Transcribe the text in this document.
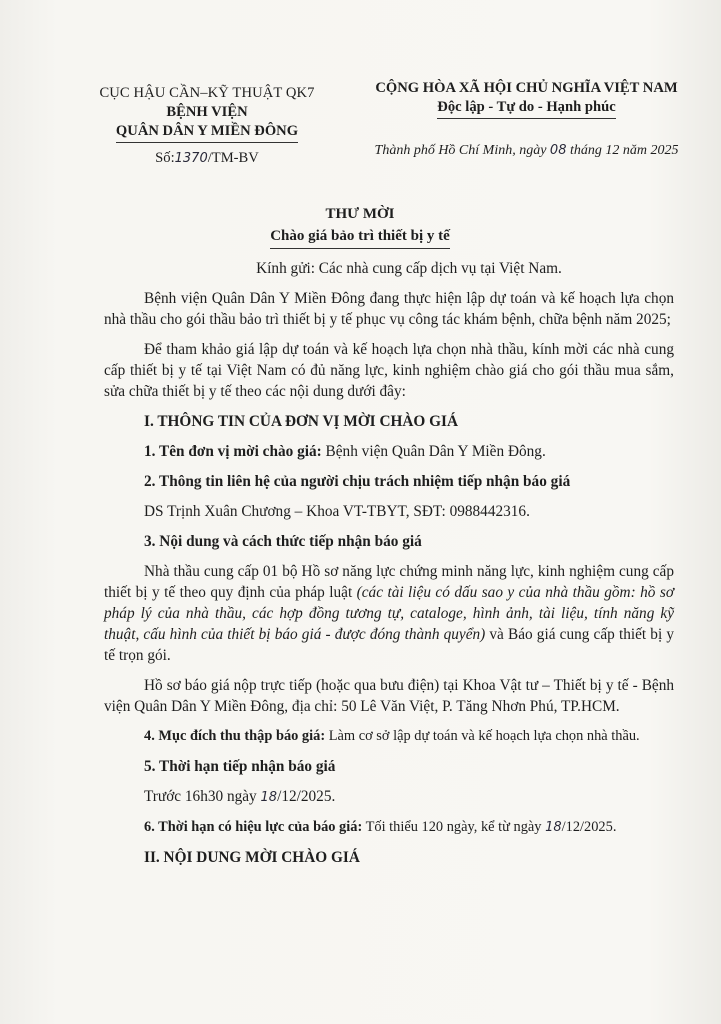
CỤC HẬU CẦN–KỸ THUẬT QK7
BỆNH VIỆN
QUÂN DÂN Y MIỀN ĐÔNG
Số:1370/TM-BV
CỘNG HÒA XÃ HỘI CHỦ NGHĨA VIỆT NAM
Độc lập - Tự do - Hạnh phúc
Thành phố Hồ Chí Minh, ngày 08 tháng 12 năm 2025
THƯ MỜI
Chào giá bảo trì thiết bị y tế

Kính gửi: Các nhà cung cấp dịch vụ tại Việt Nam.

Bệnh viện Quân Dân Y Miền Đông đang thực hiện lập dự toán và kế hoạch lựa chọn nhà thầu cho gói thầu bảo trì thiết bị y tế phục vụ công tác khám bệnh, chữa bệnh năm 2025;

Để tham khảo giá lập dự toán và kế hoạch lựa chọn nhà thầu, kính mời các nhà cung cấp thiết bị y tế tại Việt Nam có đủ năng lực, kinh nghiệm chào giá cho gói thầu mua sắm, sửa chữa thiết bị y tế theo các nội dung dưới đây:

I. THÔNG TIN CỦA ĐƠN VỊ MỜI CHÀO GIÁ

1. Tên đơn vị mời chào giá: Bệnh viện Quân Dân Y Miền Đông.

2. Thông tin liên hệ của người chịu trách nhiệm tiếp nhận báo giá

DS Trịnh Xuân Chương – Khoa VT-TBYT, SĐT: 0988442316.

3. Nội dung và cách thức tiếp nhận báo giá

Nhà thầu cung cấp 01 bộ Hồ sơ năng lực chứng minh năng lực, kinh nghiệm cung cấp thiết bị y tế theo quy định của pháp luật (các tài liệu có dấu sao y của nhà thầu gồm: hồ sơ pháp lý của nhà thầu, các hợp đồng tương tự, cataloge, hình ảnh, tài liệu, tính năng kỹ thuật, cấu hình của thiết bị báo giá - được đóng thành quyển) và Báo giá cung cấp thiết bị y tế trọn gói.

Hồ sơ báo giá nộp trực tiếp (hoặc qua bưu điện) tại Khoa Vật tư – Thiết bị y tế - Bệnh viện Quân Dân Y Miền Đông, địa chỉ: 50 Lê Văn Việt, P. Tăng Nhơn Phú, TP.HCM.

4. Mục đích thu thập báo giá: Làm cơ sở lập dự toán và kế hoạch lựa chọn nhà thầu.

5. Thời hạn tiếp nhận báo giá

Trước 16h30 ngày 18/12/2025.

6. Thời hạn có hiệu lực của báo giá: Tối thiểu 120 ngày, kể từ ngày 18/12/2025.

II. NỘI DUNG MỜI CHÀO GIÁ
